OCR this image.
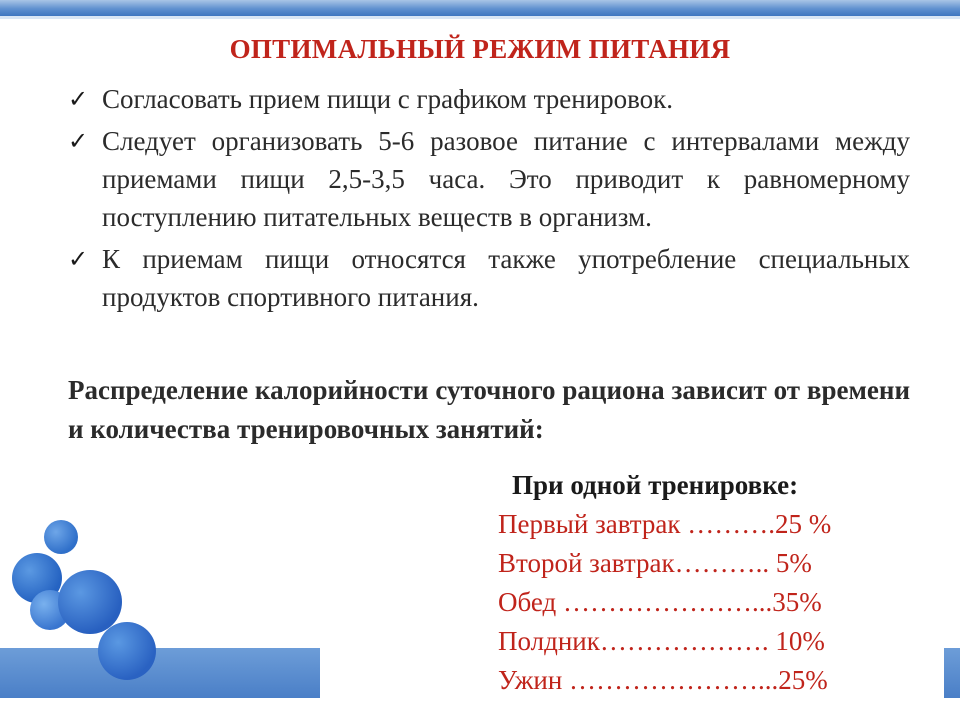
ОПТИМАЛЬНЫЙ РЕЖИМ ПИТАНИЯ
✓ Согласовать прием пищи с графиком тренировок.
✓ Следует организовать 5-6 разовое питание с интервалами между приемами пищи 2,5-3,5 часа. Это приводит к равномерному поступлению питательных веществ в организм.
✓ К приемам пищи относятся также употребление специальных продуктов спортивного питания.
Распределение калорийности суточного рациона зависит от времени и количества тренировочных занятий:
При одной тренировке:
Первый завтрак ……….25 %
Второй завтрак……….. 5%
Обед …………………...35%
Полдник………………. 10%
Ужин …………………...25%
